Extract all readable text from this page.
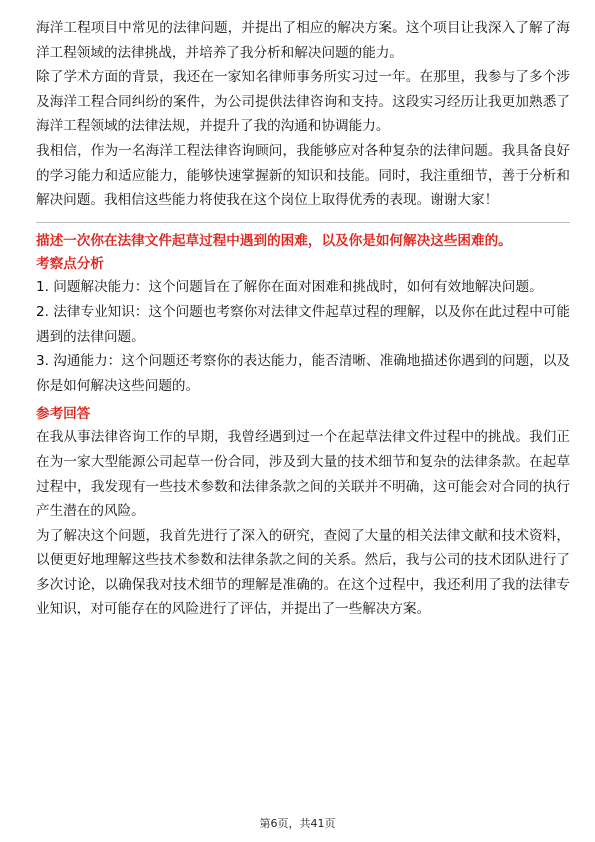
海洋工程项目中常见的法律问题，并提出了相应的解决方案。这个项目让我深入了解了海洋工程领域的法律挑战，并培养了我分析和解决问题的能力。

除了学术方面的背景，我还在一家知名律师事务所实习过一年。在那里，我参与了多个涉及海洋工程合同纠纷的案件，为公司提供法律咨询和支持。这段实习经历让我更加熟悉了海洋工程领域的法律法规，并提升了我的沟通和协调能力。

我相信，作为一名海洋工程法律咨询顾问，我能够应对各种复杂的法律问题。我具备良好的学习能力和适应能力，能够快速掌握新的知识和技能。同时，我注重细节，善于分析和解决问题。我相信这些能力将使我在这个岗位上取得优秀的表现。谢谢大家！

描述一次你在法律文件起草过程中遇到的困难，以及你是如何解决这些困难的。

考察点分析

1. 问题解决能力：这个问题旨在了解你在面对困难和挑战时，如何有效地解决问题。

2. 法律专业知识：这个问题也考察你对法律文件起草过程的理解，以及你在此过程中可能遇到的法律问题。

3. 沟通能力：这个问题还考察你的表达能力，能否清晰、准确地描述你遇到的问题，以及你是如何解决这些问题的。

参考回答

在我从事法律咨询工作的早期，我曾经遇到过一个在起草法律文件过程中的挑战。我们正在为一家大型能源公司起草一份合同，涉及到大量的技术细节和复杂的法律条款。在起草过程中，我发现有一些技术参数和法律条款之间的关联并不明确，这可能会对合同的执行产生潜在的风险。

为了解决这个问题，我首先进行了深入的研究，查阅了大量的相关法律文献和技术资料，以便更好地理解这些技术参数和法律条款之间的关系。然后，我与公司的技术团队进行了多次讨论，以确保我对技术细节的理解是准确的。在这个过程中，我还利用了我的法律专业知识，对可能存在的风险进行了评估，并提出了一些解决方案。

第6页，共41页
